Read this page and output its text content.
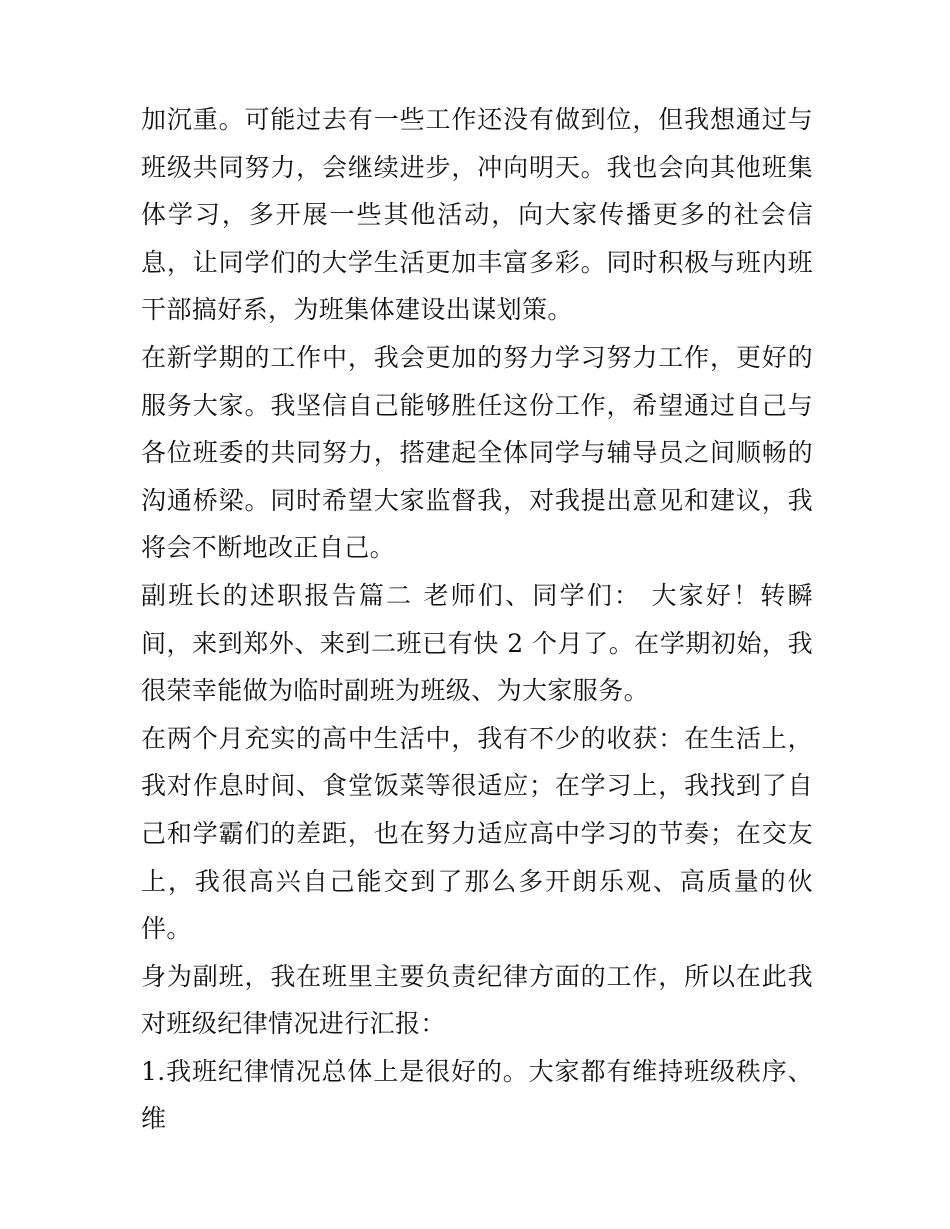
加沉重。可能过去有一些工作还没有做到位，但我想通过与班级共同努力，会继续进步，冲向明天。我也会向其他班集体学习，多开展一些其他活动，向大家传播更多的社会信息，让同学们的大学生活更加丰富多彩。同时积极与班内班干部搞好系，为班集体建设出谋划策。

在新学期的工作中，我会更加的努力学习努力工作，更好的服务大家。我坚信自己能够胜任这份工作，希望通过自己与各位班委的共同努力，搭建起全体同学与辅导员之间顺畅的沟通桥梁。同时希望大家监督我，对我提出意见和建议，我将会不断地改正自己。

副班长的述职报告篇二 老师们、同学们： 大家好！转瞬间，来到郑外、来到二班已有快 2 个月了。在学期初始，我很荣幸能做为临时副班为班级、为大家服务。

在两个月充实的高中生活中，我有不少的收获：在生活上，我对作息时间、食堂饭菜等很适应；在学习上，我找到了自己和学霸们的差距，也在努力适应高中学习的节奏；在交友上，我很高兴自己能交到了那么多开朗乐观、高质量的伙伴。

身为副班，我在班里主要负责纪律方面的工作，所以在此我对班级纪律情况进行汇报：

1.我班纪律情况总体上是很好的。大家都有维持班级秩序、维
